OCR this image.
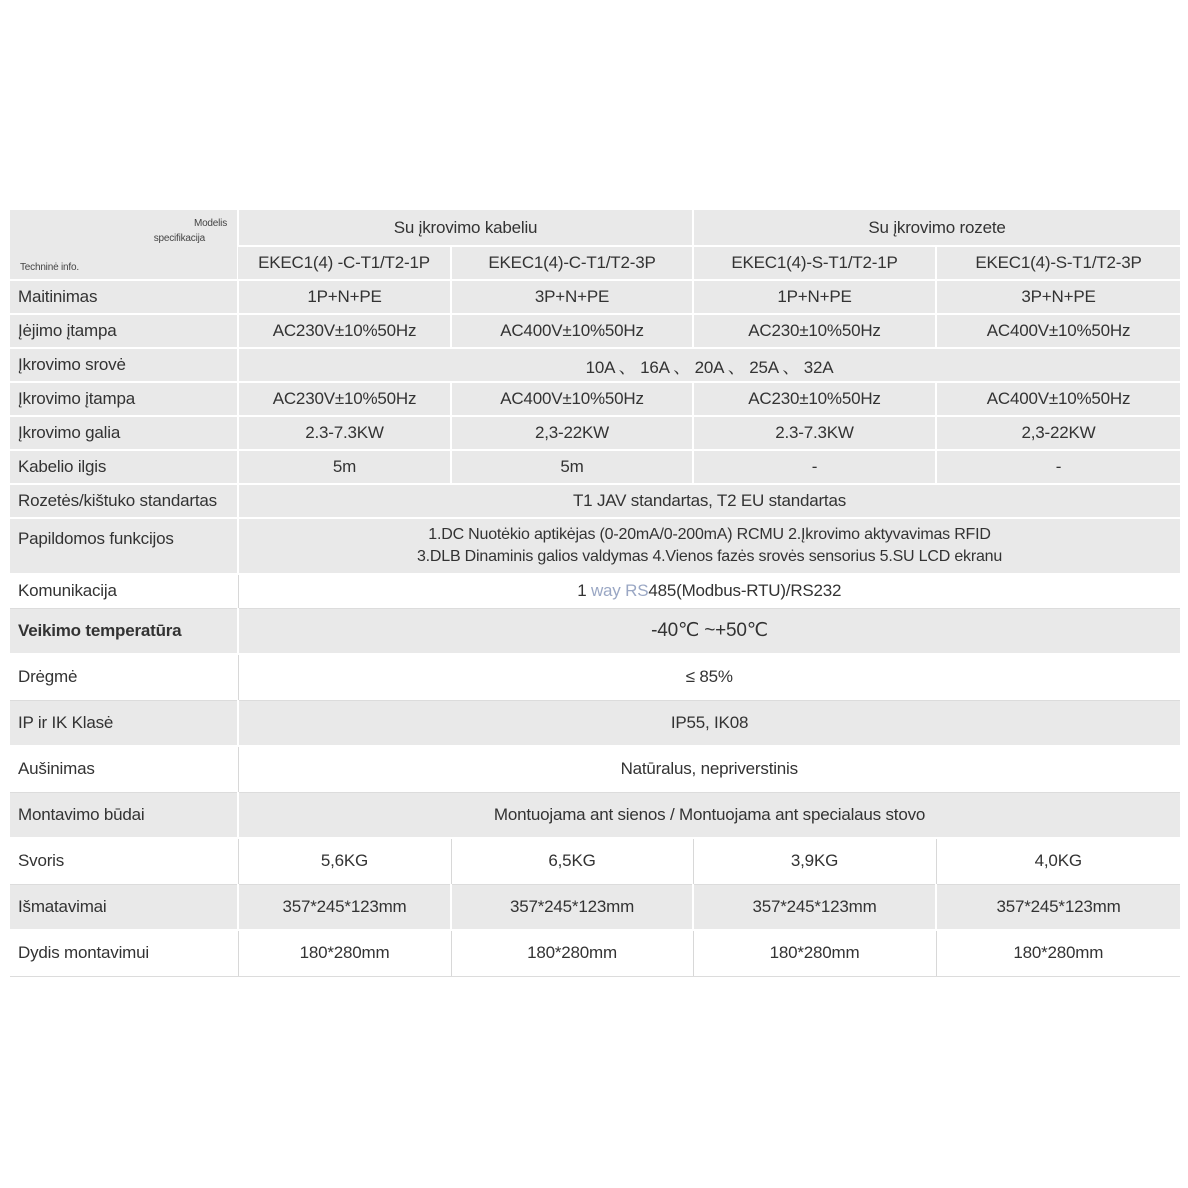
Modelis
specifikacija
Techninė info.	Su įkrovimo kabeliu		Su įkrovimo rozete	
	EKEC1(4) -C-T1/T2-1P	EKEC1(4)-C-T1/T2-3P	EKEC1(4)-S-T1/T2-1P	EKEC1(4)-S-T1/T2-3P
Maitinimas	1P+N+PE	3P+N+PE	1P+N+PE	3P+N+PE
Įėjimo įtampa	AC230V±10%50Hz	AC400V±10%50Hz	AC230±10%50Hz	AC400V±10%50Hz
Įkrovimo srovė	10A 、 16A 、 20A 、 25A 、 32A			
Įkrovimo įtampa	AC230V±10%50Hz	AC400V±10%50Hz	AC230±10%50Hz	AC400V±10%50Hz
Įkrovimo galia	2.3-7.3KW	2,3-22KW	2.3-7.3KW	2,3-22KW
Kabelio ilgis	5m	5m	-	-
Rozetės/kištuko standartas	T1 JAV standartas, T2 EU standartas			
Papildomos funkcijos	1.DC Nuotėkio aptikėjas (0-20mA/0-200mA) RCMU 2.Įkrovimo aktyvavimas RFID
3.DLB Dinaminis galios valdymas 4.Vienos fazės srovės sensorius 5.SU LCD ekranu			

Komunikacija	1 way RS485(Modbus-RTU)/RS232			
Veikimo temperatūra	-40℃ ~+50℃			
Drėgmė	≤ 85%			
IP ir IK Klasė	IP55, IK08			
Aušinimas	Natūralus, nepriverstinis			
Montavimo būdai	Montuojama ant sienos / Montuojama ant specialaus stovo			
Svoris	5,6KG	6,5KG	3,9KG	4,0KG
Išmatavimai	357*245*123mm	357*245*123mm	357*245*123mm	357*245*123mm
Dydis montavimui	180*280mm	180*280mm	180*280mm	180*280mm
